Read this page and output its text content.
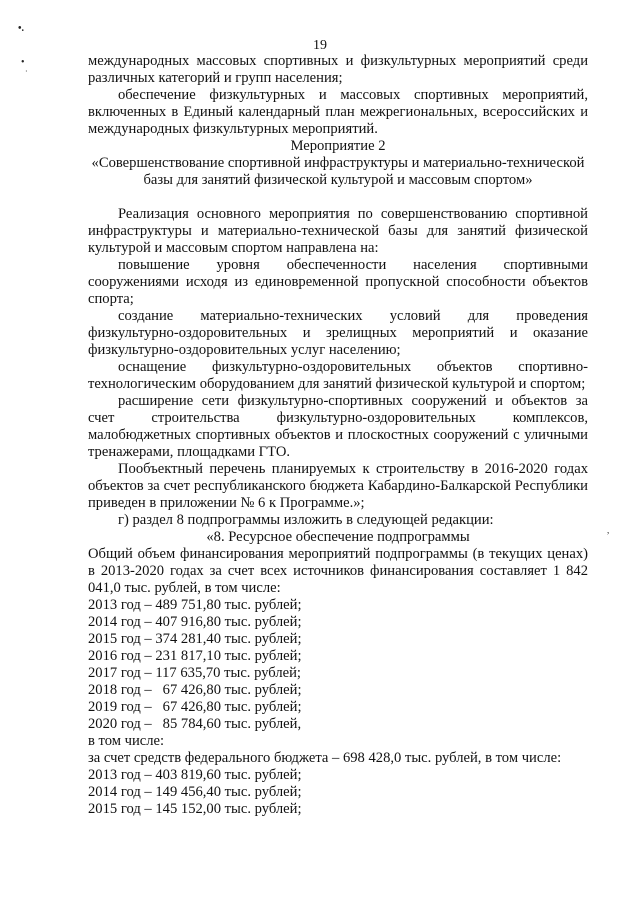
•.
•
·
,
19

международных массовых спортивных и физкультурных мероприятий среди различных категорий и групп населения;

обеспечение физкультурных и массовых спортивных мероприятий, включенных в Единый календарный план межрегиональных, всероссийских и международных физкультурных мероприятий.

Мероприятие 2

«Совершенствование спортивной инфраструктуры и материально-технической базы для занятий физической культурой и массовым спортом»

Реализация основного мероприятия по совершенствованию спортивной инфраструктуры и материально-технической базы для занятий физической культурой и массовым спортом направлена на:

повышение уровня обеспеченности населения спортивными сооружениями исходя из единовременной пропускной способности объектов спорта;

создание материально-технических условий для проведения физкультурно-оздоровительных и зрелищных мероприятий и оказание физкультурно-оздоровительных услуг населению;

оснащение физкультурно-оздоровительных объектов спортивно-технологическим оборудованием для занятий физической культурой и спортом;

расширение сети физкультурно-спортивных сооружений и объектов за счет строительства физкультурно-оздоровительных комплексов, малобюджетных спортивных объектов и плоскостных сооружений с уличными тренажерами, площадками ГТО.

Пообъектный перечень планируемых к строительству в 2016-2020 годах объектов за счет республиканского бюджета Кабардино-Балкарской Республики приведен в приложении № 6 к Программе.»;

г) раздел 8 подпрограммы изложить в следующей редакции:

«8. Ресурсное обеспечение подпрограммы

Общий объем финансирования мероприятий подпрограммы (в текущих ценах) в 2013-2020 годах за счет всех источников финансирования составляет 1 842 041,0 тыс. рублей, в том числе:

2013 год – 489 751,80 тыс. рублей;

2014 год – 407 916,80 тыс. рублей;

2015 год – 374 281,40 тыс. рублей;

2016 год – 231 817,10 тыс. рублей;

2017 год – 117 635,70 тыс. рублей;

2018 год –   67 426,80 тыс. рублей;

2019 год –   67 426,80 тыс. рублей;

2020 год –   85 784,60 тыс. рублей,

в том числе:

за счет средств федерального бюджета – 698 428,0 тыс. рублей, в том числе:

2013 год – 403 819,60 тыс. рублей;

2014 год – 149 456,40 тыс. рублей;

2015 год – 145 152,00 тыс. рублей;
